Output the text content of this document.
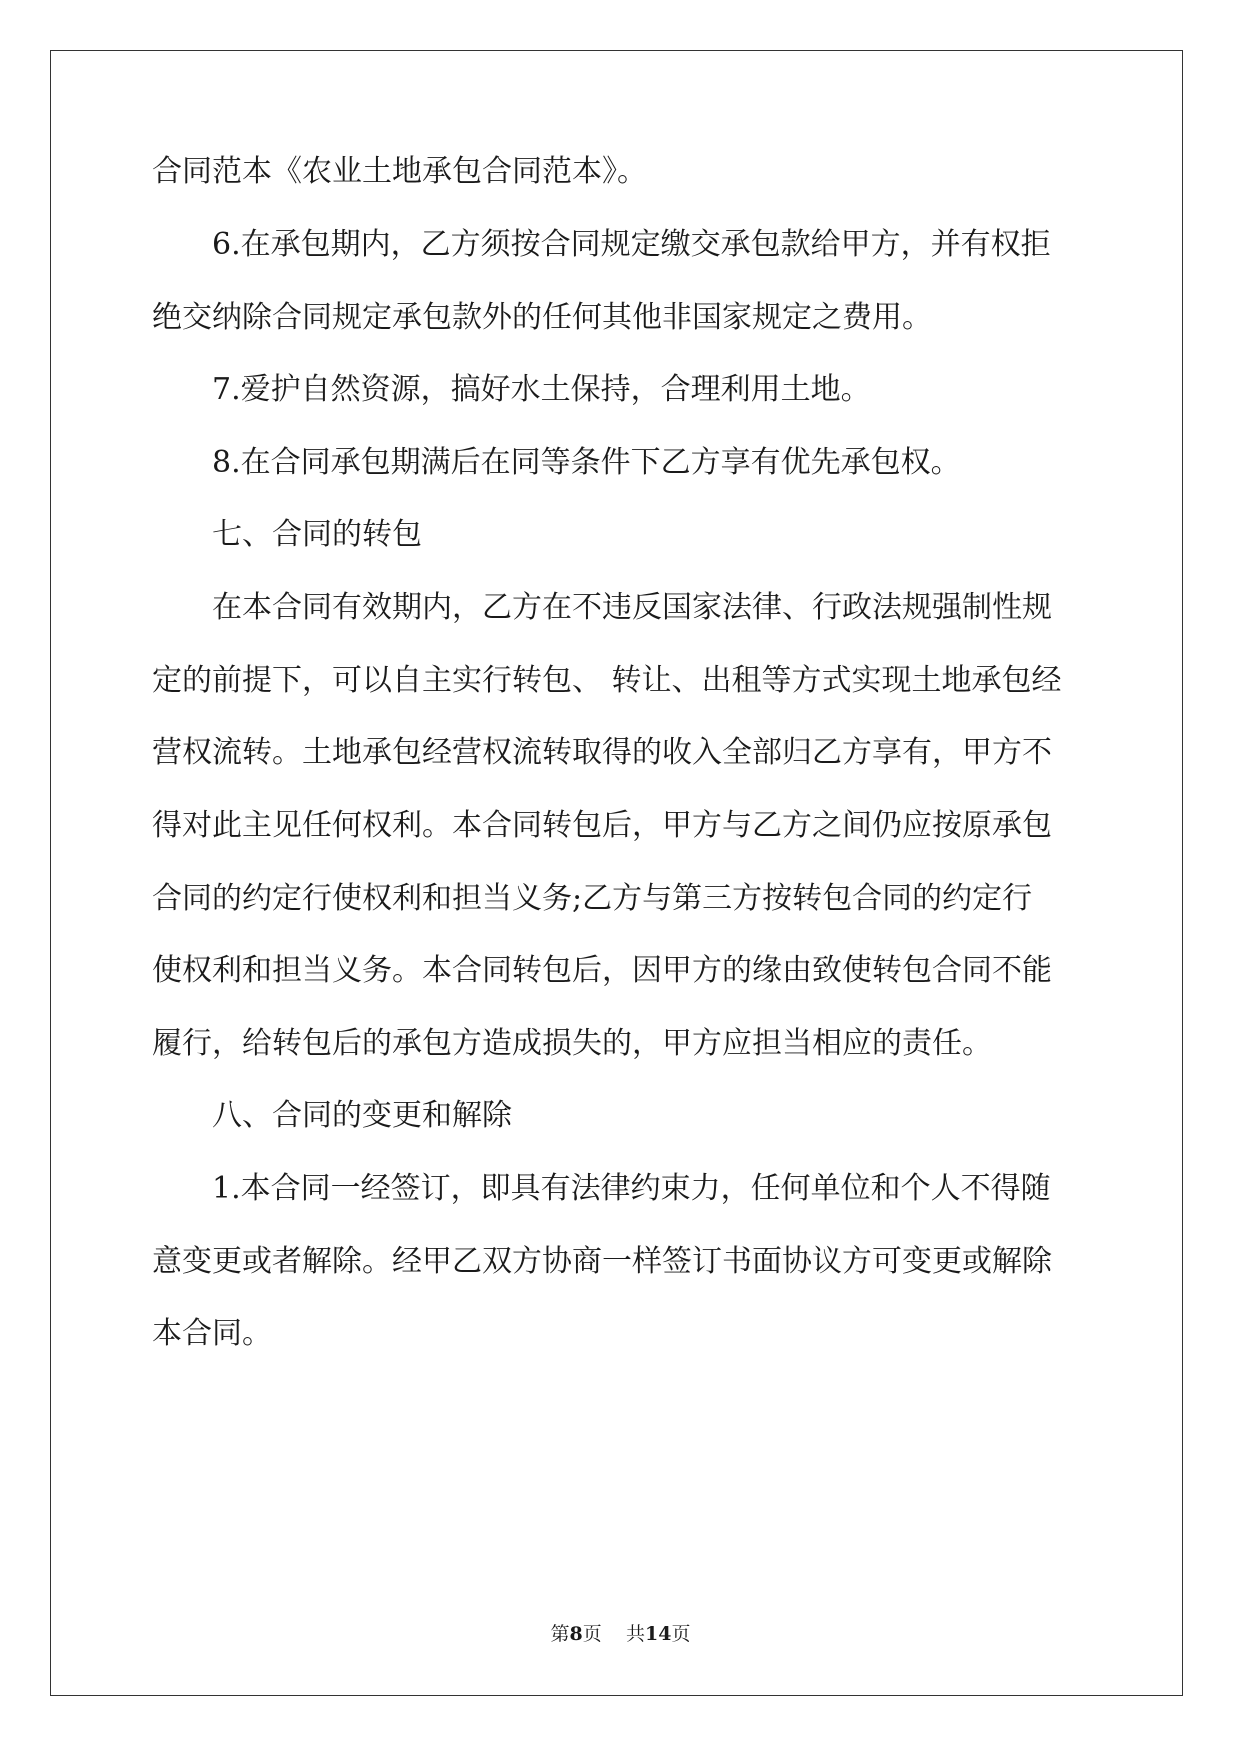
合同范本《农业土地承包合同范本》。
　　6.在承包期内，乙方须按合同规定缴交承包款给甲方，并有权拒
绝交纳除合同规定承包款外的任何其他非国家规定之费用。
　　7.爱护自然资源，搞好水土保持，合理利用土地。
　　8.在合同承包期满后在同等条件下乙方享有优先承包权。
　　七、合同的转包
　　在本合同有效期内，乙方在不违反国家法律、行政法规强制性规
定的前提下，可以自主实行转包、 转让、出租等方式实现土地承包经
营权流转。土地承包经营权流转取得的收入全部归乙方享有，甲方不
得对此主见任何权利。本合同转包后，甲方与乙方之间仍应按原承包
合同的约定行使权利和担当义务;乙方与第三方按转包合同的约定行
使权利和担当义务。本合同转包后，因甲方的缘由致使转包合同不能
履行，给转包后的承包方造成损失的，甲方应担当相应的责任。
　　八、合同的变更和解除
　　1.本合同一经签订，即具有法律约束力，任何单位和个人不得随
意变更或者解除。经甲乙双方协商一样签订书面协议方可变更或解除
本合同。
第8页 共14页
